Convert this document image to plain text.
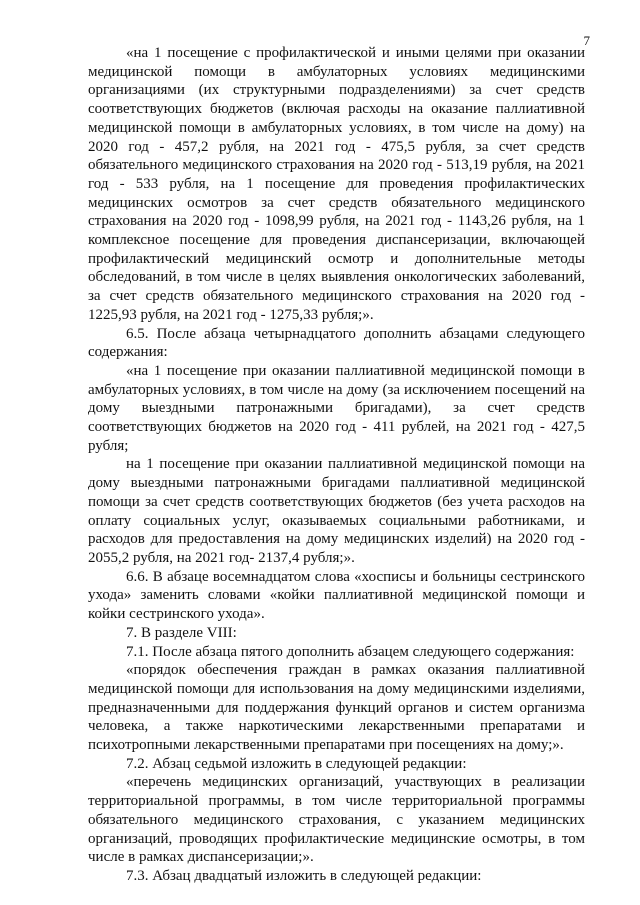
7

«на 1 посещение с профилактической и иными целями при оказании медицинской помощи в амбулаторных условиях медицинскими организациями (их структурными подразделениями) за счет средств соответствующих бюджетов (включая расходы на оказание паллиативной медицинской помощи в амбулаторных условиях, в том числе на дому) на 2020 год - 457,2 рубля, на 2021 год - 475,5 рубля, за счет средств обязательного медицинского страхования на 2020 год - 513,19 рубля, на 2021 год - 533 рубля, на 1 посещение для проведения профилактических медицинских осмотров за счет средств обязательного медицинского страхования на 2020 год - 1098,99 рубля, на 2021 год - 1143,26 рубля, на 1 комплексное посещение для проведения диспансеризации, включающей профилактический медицинский осмотр и дополнительные методы обследований, в том числе в целях выявления онкологических заболеваний, за счет средств обязательного медицинского страхования на 2020 год - 1225,93 рубля, на 2021 год - 1275,33 рубля;».

6.5. После абзаца четырнадцатого дополнить абзацами следующего содержания:

«на 1 посещение при оказании паллиативной медицинской помощи в амбулаторных условиях, в том числе на дому (за исключением посещений на дому выездными патронажными бригадами), за счет средств соответствующих бюджетов на 2020 год - 411 рублей, на 2021 год - 427,5 рубля;

на 1 посещение при оказании паллиативной медицинской помощи на дому выездными патронажными бригадами паллиативной медицинской помощи за счет средств соответствующих бюджетов (без учета расходов на оплату социальных услуг, оказываемых социальными работниками, и расходов для предоставления на дому медицинских изделий) на 2020 год - 2055,2 рубля, на 2021 год- 2137,4 рубля;».

6.6. В абзаце восемнадцатом слова «хосписы и больницы сестринского ухода» заменить словами «койки паллиативной медицинской помощи и койки сестринского ухода».

7. В разделе VIII:

7.1. После абзаца пятого дополнить абзацем следующего содержания:

«порядок обеспечения граждан в рамках оказания паллиативной медицинской помощи для использования на дому медицинскими изделиями, предназначенными для поддержания функций органов и систем организма человека, а также наркотическими лекарственными препаратами и психотропными лекарственными препаратами при посещениях на дому;».

7.2. Абзац седьмой изложить в следующей редакции:

«перечень медицинских организаций, участвующих в реализации территориальной программы, в том числе территориальной программы обязательного медицинского страхования, с указанием медицинских организаций, проводящих профилактические медицинские осмотры, в том числе в рамках диспансеризации;».

7.3. Абзац двадцатый изложить в следующей редакции:
